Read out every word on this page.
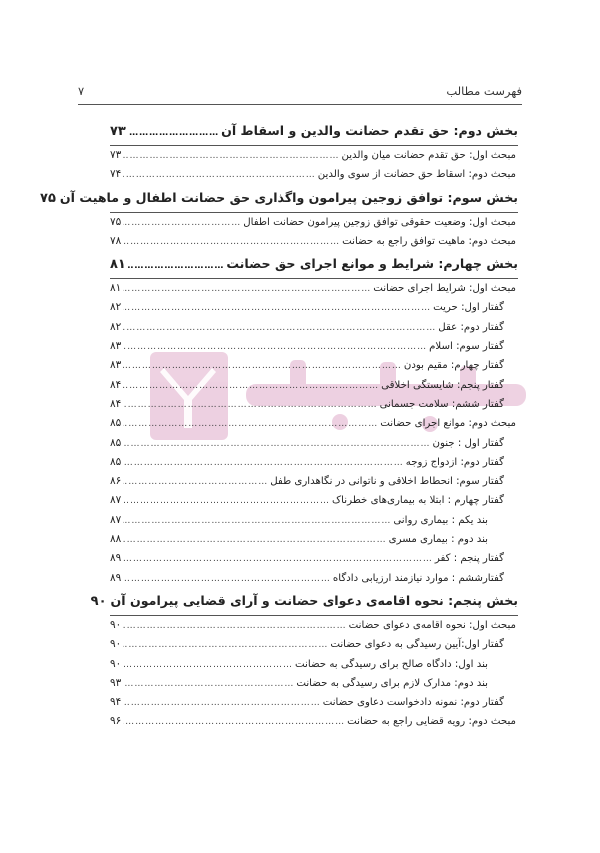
فهرست مطالب
۷
بخش دوم: حق تقدم حضانت والدین و اسقاط آن
………………………………………………………………………………………………………………………………………………
۷۳
مبحث اول: حق تقدم حضانت میان والدین
………………………………………………………………………………………………………………………………………………
۷۳
مبحث دوم: اسقاط حق حضانت از سوی والدین
………………………………………………………………………………………………………………………………………………
۷۴
بخش سوم: توافق زوجین پیرامون واگذاری حق حضانت اطفال و ماهیت آن
۷۵
مبحث اول: وضعیت حقوقی توافق زوجین پیرامون حضانت اطفال
………………………………………………………………………………………………………………………………………………
۷۵
مبحث دوم: ماهیت توافق راجع به حضانت
………………………………………………………………………………………………………………………………………………
۷۸
بخش چهارم: شرایط و موانع اجرای حق حضانت
………………………………………………………………………………………………………………………………………………
۸۱
مبحث اول: شرایط اجرای حضانت
………………………………………………………………………………………………………………………………………………
۸۱
گفتار اول: حریت
………………………………………………………………………………………………………………………………………………
۸۲
گفتار دوم: عقل
………………………………………………………………………………………………………………………………………………
۸۲
گفتار سوم: اسلام
………………………………………………………………………………………………………………………………………………
۸۳
گفتار چهارم: مقیم بودن
………………………………………………………………………………………………………………………………………………
۸۳
گفتار پنجم: شایستگی اخلاقی
………………………………………………………………………………………………………………………………………………
۸۴
گفتار ششم: سلامت جسمانی
………………………………………………………………………………………………………………………………………………
۸۴
مبحث دوم: موانع اجرای حضانت
………………………………………………………………………………………………………………………………………………
۸۵
گفتار اول : جنون
………………………………………………………………………………………………………………………………………………
۸۵
گفتار دوم: ازدواج زوجه
………………………………………………………………………………………………………………………………………………
۸۵
گفتار سوم: انحطاط اخلاقی و ناتوانی در نگاهداری طفل
………………………………………………………………………………………………………………………………………………
۸۶
گفتار چهارم : ابتلا به بیماری‌های خطرناک
………………………………………………………………………………………………………………………………………………
۸۷
بند یکم : بیماری روانی
………………………………………………………………………………………………………………………………………………
۸۷
بند دوم : بیماری مسری
………………………………………………………………………………………………………………………………………………
۸۸
گفتار پنجم : کفر
………………………………………………………………………………………………………………………………………………
۸۹
گفتارششم : موارد نیازمند ارزیابی دادگاه
………………………………………………………………………………………………………………………………………………
۸۹
بخش پنجم: نحوه اقامه‌ی دعوای حضانت و آرای قضایی پیرامون آن
۹۰
مبحث اول: نحوه اقامه‌ی دعوای حضانت
………………………………………………………………………………………………………………………………………………
۹۰
گفتار اول:آیین رسیدگی به دعوای حضانت
………………………………………………………………………………………………………………………………………………
۹۰
بند اول: دادگاه صالح برای رسیدگی به حضانت
………………………………………………………………………………………………………………………………………………
۹۰
بند دوم: مدارک لازم برای رسیدگی به حضانت
………………………………………………………………………………………………………………………………………………
۹۳
گفتار دوم: نمونه دادخواست دعاوی حضانت
………………………………………………………………………………………………………………………………………………
۹۴
مبحث دوم: رویه قضایی راجع به حضانت
………………………………………………………………………………………………………………………………………………
۹۶
